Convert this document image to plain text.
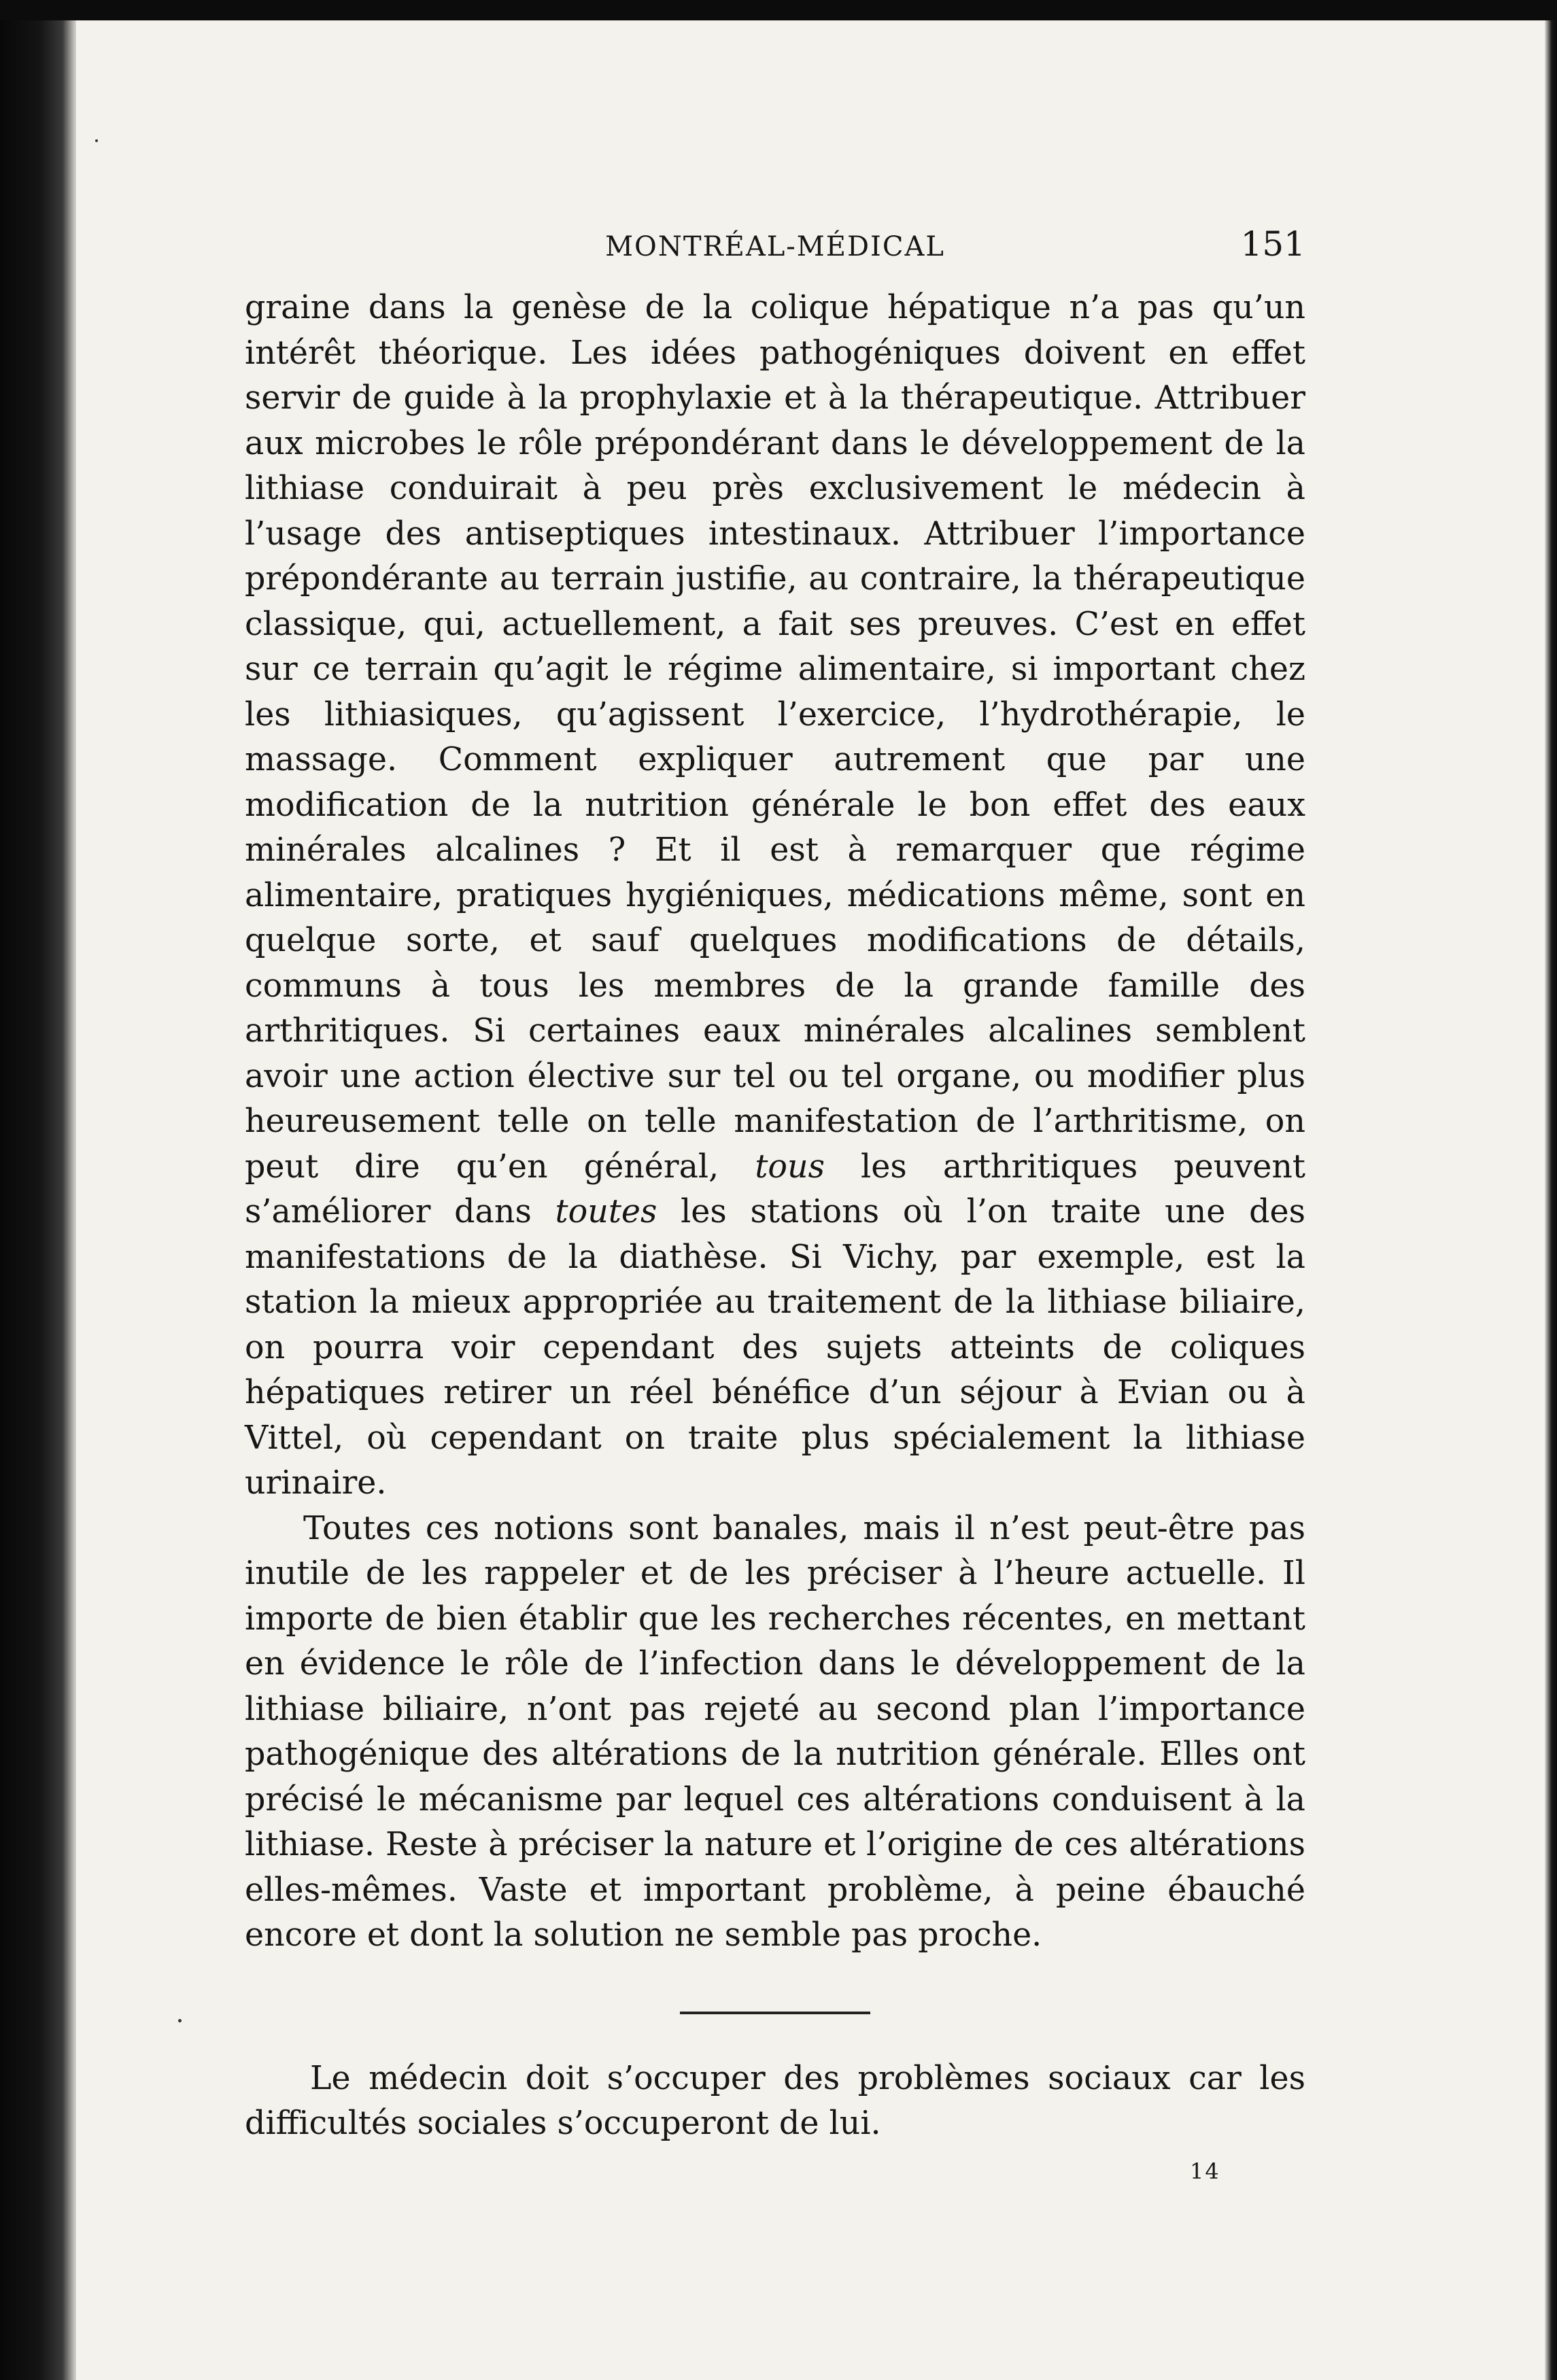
MONTRÉAL-MÉDICAL	151

graine dans la genèse de la colique hépatique n’a pas qu’un intérêt théorique. Les idées pathogéniques doivent en effet servir de guide à la prophylaxie et à la thérapeutique. Attribuer aux microbes le rôle prépondérant dans le développement de la lithiase conduirait à peu près exclusivement le médecin à l’usage des antiseptiques intestinaux. Attribuer l’importance prépondérante au terrain justifie, au contraire, la thérapeutique classique, qui, actuellement, a fait ses preuves. C’est en effet sur ce terrain qu’agit le régime alimentaire, si important chez les lithiasiques, qu’agissent l’exercice, l’hydrothérapie, le massage. Comment expliquer autrement que par une modification de la nutrition générale le bon effet des eaux minérales alcalines ? Et il est à remarquer que régime alimentaire, pratiques hygiéniques, médications même, sont en quelque sorte, et sauf quelques modifications de détails, communs à tous les membres de la grande famille des arthritiques. Si certaines eaux minérales alcalines semblent avoir une action élective sur tel ou tel organe, ou modifier plus heureusement telle on telle manifestation de l’arthritisme, on peut dire qu’en général, tous les arthritiques peuvent s’améliorer dans toutes les stations où l’on traite une des manifestations de la diathèse. Si Vichy, par exemple, est la station la mieux appropriée au traitement de la lithiase biliaire, on pourra voir cependant des sujets atteints de coliques hépatiques retirer un réel bénéfice d’un séjour à Evian ou à Vittel, où cependant on traite plus spécialement la lithiase urinaire.

Toutes ces notions sont banales, mais il n’est peut-être pas inutile de les rappeler et de les préciser à l’heure actuelle. Il importe de bien établir que les recherches récentes, en mettant en évidence le rôle de l’infection dans le développement de la lithiase biliaire, n’ont pas rejeté au second plan l’importance pathogénique des altérations de la nutrition générale. Elles ont précisé le mécanisme par lequel ces altérations conduisent à la lithiase. Reste à préciser la nature et l’origine de ces altérations elles-mêmes. Vaste et important problème, à peine ébauché encore et dont la solution ne semble pas proche.

Le médecin doit s’occuper des problèmes sociaux car les difficultés sociales s’occuperont de lui.

14
